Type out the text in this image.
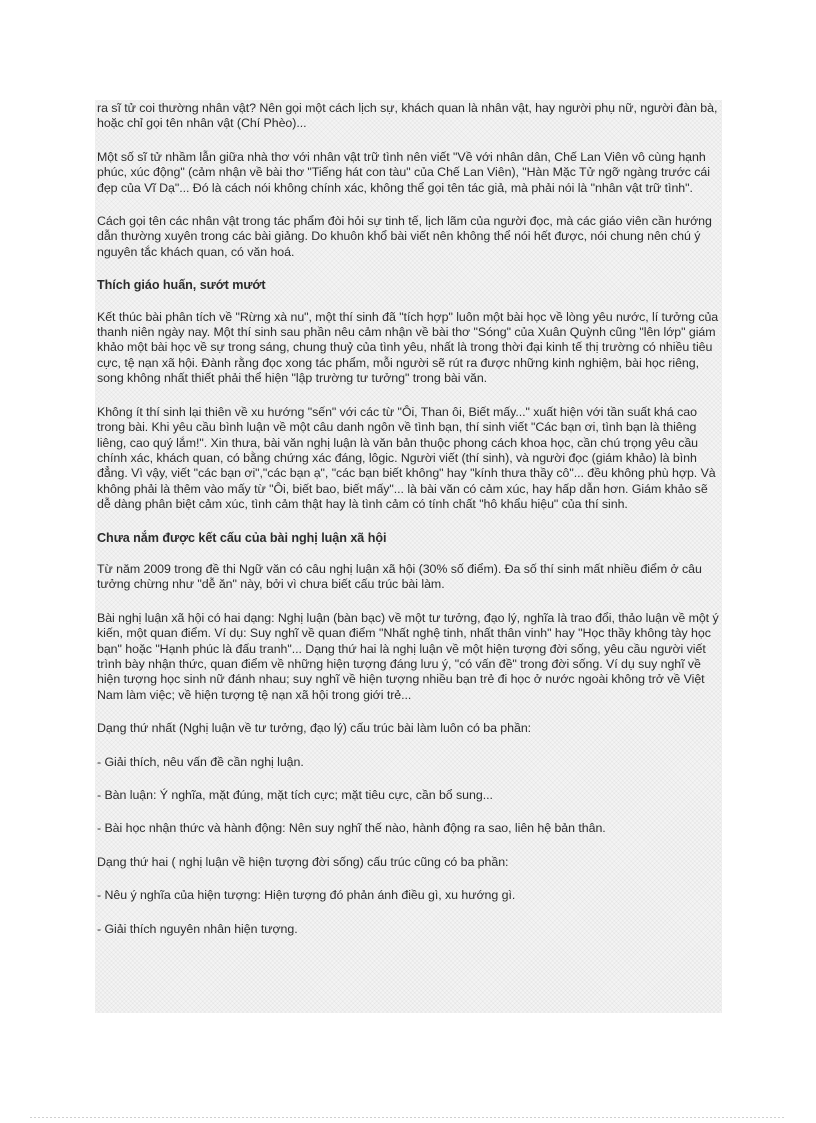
ra sĩ tử coi thường nhân vật? Nên gọi một cách lịch sự, khách quan là nhân vật, hay người phụ nữ, người đàn bà, hoặc chỉ gọi tên nhân vật (Chí Phèo)...

Một số sĩ tử nhầm lẫn giữa nhà thơ với nhân vật trữ tình nên viết "Về với nhân dân, Chế Lan Viên vô cùng hạnh phúc, xúc động" (cảm nhận về bài thơ "Tiếng hát con tàu" của Chế Lan Viên), "Hàn Mặc Tử ngỡ ngàng trước cái đẹp của Vĩ Dạ"... Đó là cách nói không chính xác, không thể gọi tên tác giả, mà phải nói là "nhân vật trữ tình".

Cách gọi tên các nhân vật trong tác phẩm đòi hỏi sự tinh tế, lịch lãm của người đọc, mà các giáo viên cần hướng dẫn thường xuyên trong các bài giảng. Do khuôn khổ bài viết nên không thể nói hết được, nói chung nên chú ý nguyên tắc khách quan, có văn hoá.

Thích giáo huấn, sướt mướt

Kết thúc bài phân tích về "Rừng xà nu", một thí sinh đã "tích hợp" luôn một bài học về lòng yêu nước, lí tưởng của thanh niên ngày nay. Một thí sinh sau phần nêu cảm nhận về bài thơ "Sóng" của Xuân Quỳnh cũng "lên lớp" giám khảo một bài học về sự trong sáng, chung thuỷ của tình yêu, nhất là trong thời đại kinh tế thị trường có nhiều tiêu cực, tệ nạn xã hội. Đành rằng đọc xong tác phẩm, mỗi người sẽ rút ra được những kinh nghiệm, bài học riêng, song không nhất thiết phải thể hiện "lập trường tư tưởng" trong bài văn.

Không ít thí sinh lại thiên về xu hướng "sến" với các từ "Ôi, Than ôi, Biết mấy..." xuất hiện với tần suất khá cao trong bài. Khi yêu cầu bình luận về một câu danh ngôn về tình bạn, thí sinh viết "Các bạn ơi, tình bạn là thiêng liêng, cao quý lắm!". Xin thưa, bài văn nghị luận là văn bản thuộc phong cách khoa học, cần chú trọng yêu cầu chính xác, khách quan, có bằng chứng xác đáng, lôgic. Người viết (thí sinh), và người đọc (giám khảo) là bình đẳng. Vì vậy, viết "các bạn ơi","các bạn ạ", "các bạn biết không" hay "kính thưa thầy cô"... đều không phù hợp. Và không phải là thêm vào mấy từ "Ôi, biết bao, biết mấy"... là bài văn có cảm xúc, hay hấp dẫn hơn. Giám khảo sẽ dễ dàng phân biệt cảm xúc, tình cảm thật hay là tình cảm có tính chất "hô khẩu hiệu" của thí sinh.

Chưa nắm được kết cấu của bài nghị luận xã hội

Từ năm 2009 trong đề thi Ngữ văn có câu nghị luận xã hội (30% số điểm). Đa số thí sinh mất nhiều điểm ở câu tưởng chừng như "dễ ăn" này, bởi vì chưa biết cấu trúc bài làm.

Bài nghị luận xã hội có hai dạng: Nghị luận (bàn bạc) về một tư tưởng, đạo lý, nghĩa là trao đổi, thảo luận về một ý kiến, một quan điểm. Ví dụ: Suy nghĩ về quan điểm "Nhất nghệ tinh, nhất thân vinh" hay "Học thầy không tày học bạn" hoặc "Hạnh phúc là đấu tranh"... Dạng thứ hai là nghị luận về một hiện tượng đời sống, yêu cầu người viết trình bày nhận thức, quan điểm về những hiện tượng đáng lưu ý, "có vấn đề" trong đời sống. Ví dụ suy nghĩ về hiện tượng học sinh nữ đánh nhau; suy nghĩ về hiện tượng nhiều bạn trẻ đi học ở nước ngoài không trở về Việt Nam làm việc; về hiện tượng tệ nạn xã hội trong giới trẻ...

Dạng thứ nhất (Nghị luận về tư tưởng, đạo lý) cấu trúc bài làm luôn có ba phần:

- Giải thích, nêu vấn đề cần nghị luận.

- Bàn luận: Ý nghĩa, mặt đúng, mặt tích cực; mặt tiêu cực, cần bổ sung...

- Bài học nhận thức và hành động: Nên suy nghĩ thế nào, hành động ra sao, liên hệ bản thân.

Dạng thứ hai ( nghị luận về hiện tượng đời sống) cấu trúc cũng có ba phần:

- Nêu ý nghĩa của hiện tượng: Hiện tượng đó phản ánh điều gì, xu hướng gì.

- Giải thích nguyên nhân hiện tượng.
